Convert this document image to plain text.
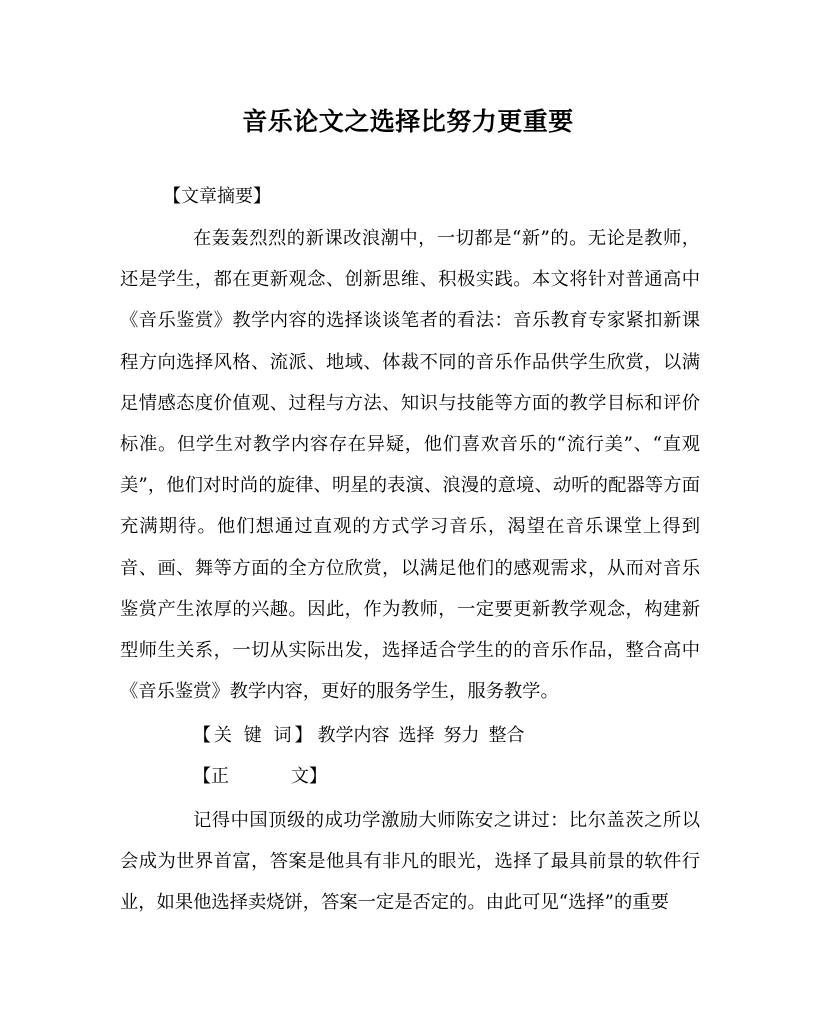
音乐论文之选择比努力更重要
【文章摘要】

在轰轰烈烈的新课改浪潮中，一切都是“新”的。无论是教师，还是学生，都在更新观念、创新思维、积极实践。本文将针对普通高中《音乐鉴赏》教学内容的选择谈谈笔者的看法：音乐教育专家紧扣新课程方向选择风格、流派、地域、体裁不同的音乐作品供学生欣赏，以满足情感态度价值观、过程与方法、知识与技能等方面的教学目标和评价标准。但学生对教学内容存在异疑，他们喜欢音乐的“流行美”、“直观美”，他们对时尚的旋律、明星的表演、浪漫的意境、动听的配器等方面充满期待。他们想通过直观的方式学习音乐，渴望在音乐课堂上得到音、画、舞等方面的全方位欣赏，以满足他们的感观需求，从而对音乐鉴赏产生浓厚的兴趣。因此，作为教师，一定要更新教学观念，构建新型师生关系，一切从实际出发，选择适合学生的的音乐作品，整合高中《音乐鉴赏》教学内容，更好的服务学生，服务教学。

【关 键 词】 教学内容 选择 努力 整合
【正	文】

记得中国顶级的成功学激励大师陈安之讲过：比尔盖茨之所以会成为世界首富，答案是他具有非凡的眼光，选择了最具前景的软件行业，如果他选择卖烧饼，答案一定是否定的。由此可见“选择”的重要
